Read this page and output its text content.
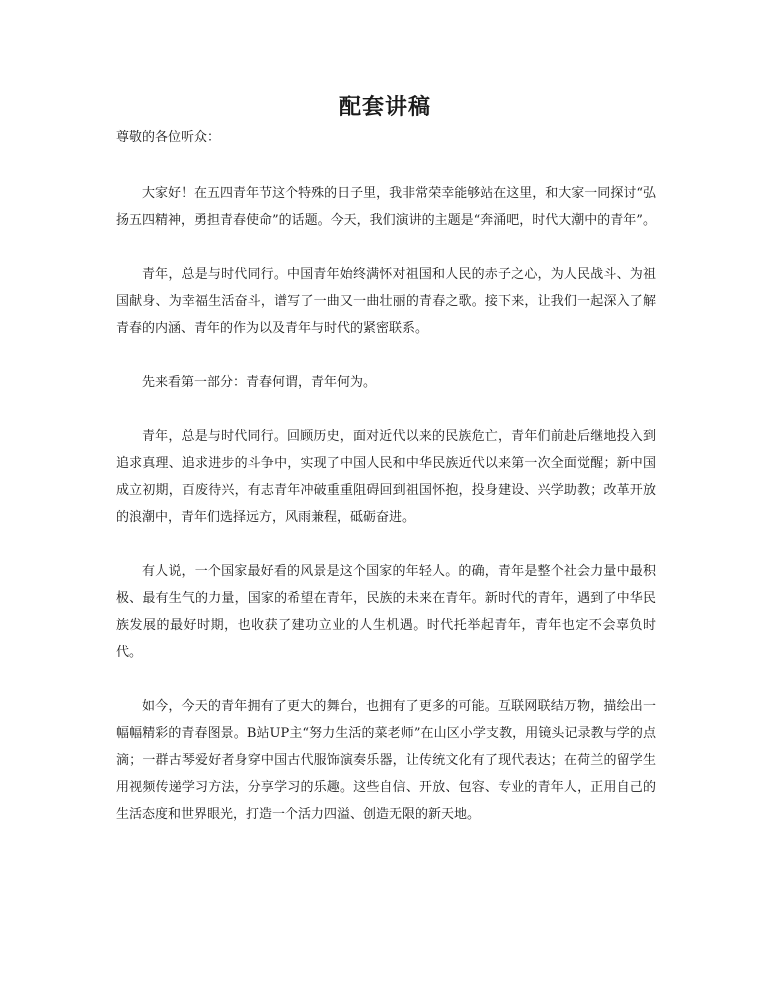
配套讲稿
尊敬的各位听众：

大家好！在五四青年节这个特殊的日子里，我非常荣幸能够站在这里，和大家一同探讨“弘扬五四精神，勇担青春使命”的话题。今天，我们演讲的主题是“奔涌吧，时代大潮中的青年”。

青年，总是与时代同行。中国青年始终满怀对祖国和人民的赤子之心，为人民战斗、为祖国献身、为幸福生活奋斗，谱写了一曲又一曲壮丽的青春之歌。接下来，让我们一起深入了解青春的内涵、青年的作为以及青年与时代的紧密联系。

先来看第一部分：青春何谓，青年何为。

青年，总是与时代同行。回顾历史，面对近代以来的民族危亡，青年们前赴后继地投入到追求真理、追求进步的斗争中，实现了中国人民和中华民族近代以来第一次全面觉醒；新中国成立初期，百废待兴，有志青年冲破重重阻碍回到祖国怀抱，投身建设、兴学助教；改革开放的浪潮中，青年们选择远方，风雨兼程，砥砺奋进。

有人说，一个国家最好看的风景是这个国家的年轻人。的确，青年是整个社会力量中最积极、最有生气的力量，国家的希望在青年，民族的未来在青年。新时代的青年，遇到了中华民族发展的最好时期，也收获了建功立业的人生机遇。时代托举起青年，青年也定不会辜负时代。

如今，今天的青年拥有了更大的舞台，也拥有了更多的可能。互联网联结万物，描绘出一幅幅精彩的青春图景。B站UP主“努力生活的菜老师”在山区小学支教，用镜头记录教与学的点滴；一群古琴爱好者身穿中国古代服饰演奏乐器，让传统文化有了现代表达；在荷兰的留学生用视频传递学习方法，分享学习的乐趣。这些自信、开放、包容、专业的青年人，正用自己的生活态度和世界眼光，打造一个活力四溢、创造无限的新天地。
